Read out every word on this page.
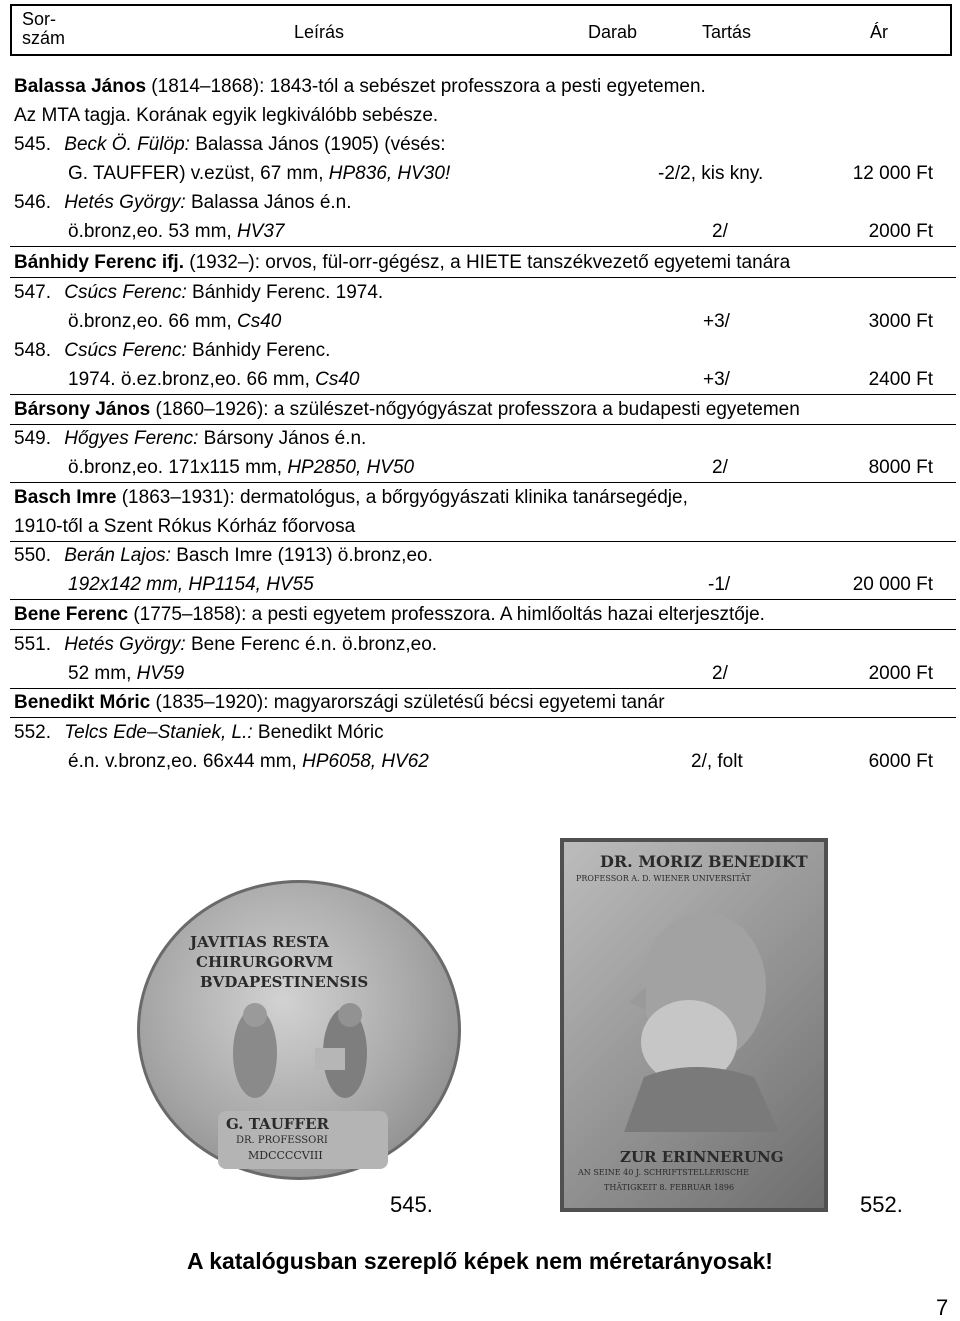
Sor-
szám	Leírás	Darab	Tartás	Ár
Balassa János (1814–1868): 1843-tól a sebészet professzora a pesti egyetemen.
Az MTA tagja. Korának egyik legkiválóbb sebésze.
545. Beck Ö. Fülöp: Balassa János (1905) (vésés:
G. TAUFFER) v.ezüst, 67 mm, HP836, HV30!	-2/2, kis kny.	12 000 Ft
546. Hetés György: Balassa János é.n.
ö.bronz,eo. 53 mm, HV37	2/	2000 Ft
Bánhidy Ferenc ifj. (1932–): orvos, fül-orr-gégész, a HIETE tanszékvezető egyetemi tanára
547. Csúcs Ferenc: Bánhidy Ferenc. 1974.
ö.bronz,eo. 66 mm, Cs40	+3/	3000 Ft
548. Csúcs Ferenc: Bánhidy Ferenc.
1974. ö.ez.bronz,eo. 66 mm, Cs40	+3/	2400 Ft
Bársony János (1860–1926): a szülészet-nőgyógyászat professzora a budapesti egyetemen
549. Hőgyes Ferenc: Bársony János é.n.
ö.bronz,eo. 171x115 mm, HP2850, HV50	2/	8000 Ft
Basch Imre (1863–1931): dermatológus, a bőrgyógyászati klinika tanársegédje,
1910-től a Szent Rókus Kórház főorvosa
550. Berán Lajos: Basch Imre (1913) ö.bronz,eo.
192x142 mm, HP1154, HV55	-1/	20 000 Ft
Bene Ferenc (1775–1858): a pesti egyetem professzora. A himlőoltás hazai elterjesztője.
551. Hetés György: Bene Ferenc é.n. ö.bronz,eo.
52 mm, HV59	2/	2000 Ft
Benedikt Móric (1835–1920): magyarországi születésű bécsi egyetemi tanár
552. Telcs Ede–Staniek, L.: Benedikt Móric
é.n. v.bronz,eo. 66x44 mm, HP6058, HV62	2/, folt	6000 Ft
JAVITIAS RESTA
CHIRURGORVM
BVDAPESTINENSIS
G. TAUFFER
DR. PROFESSORI
MDCCCCVIII
DR. MORIZ BENEDIKT
PROFESSOR A. D. WIENER UNIVERSITÄT
ZUR ERINNERUNG
AN SEINE 40 J. SCHRIFTSTELLERISCHE
THÄTIGKEIT 8. FEBRUAR 1896
545.	552.
A katalógusban szereplő képek nem méretarányosak!
7
